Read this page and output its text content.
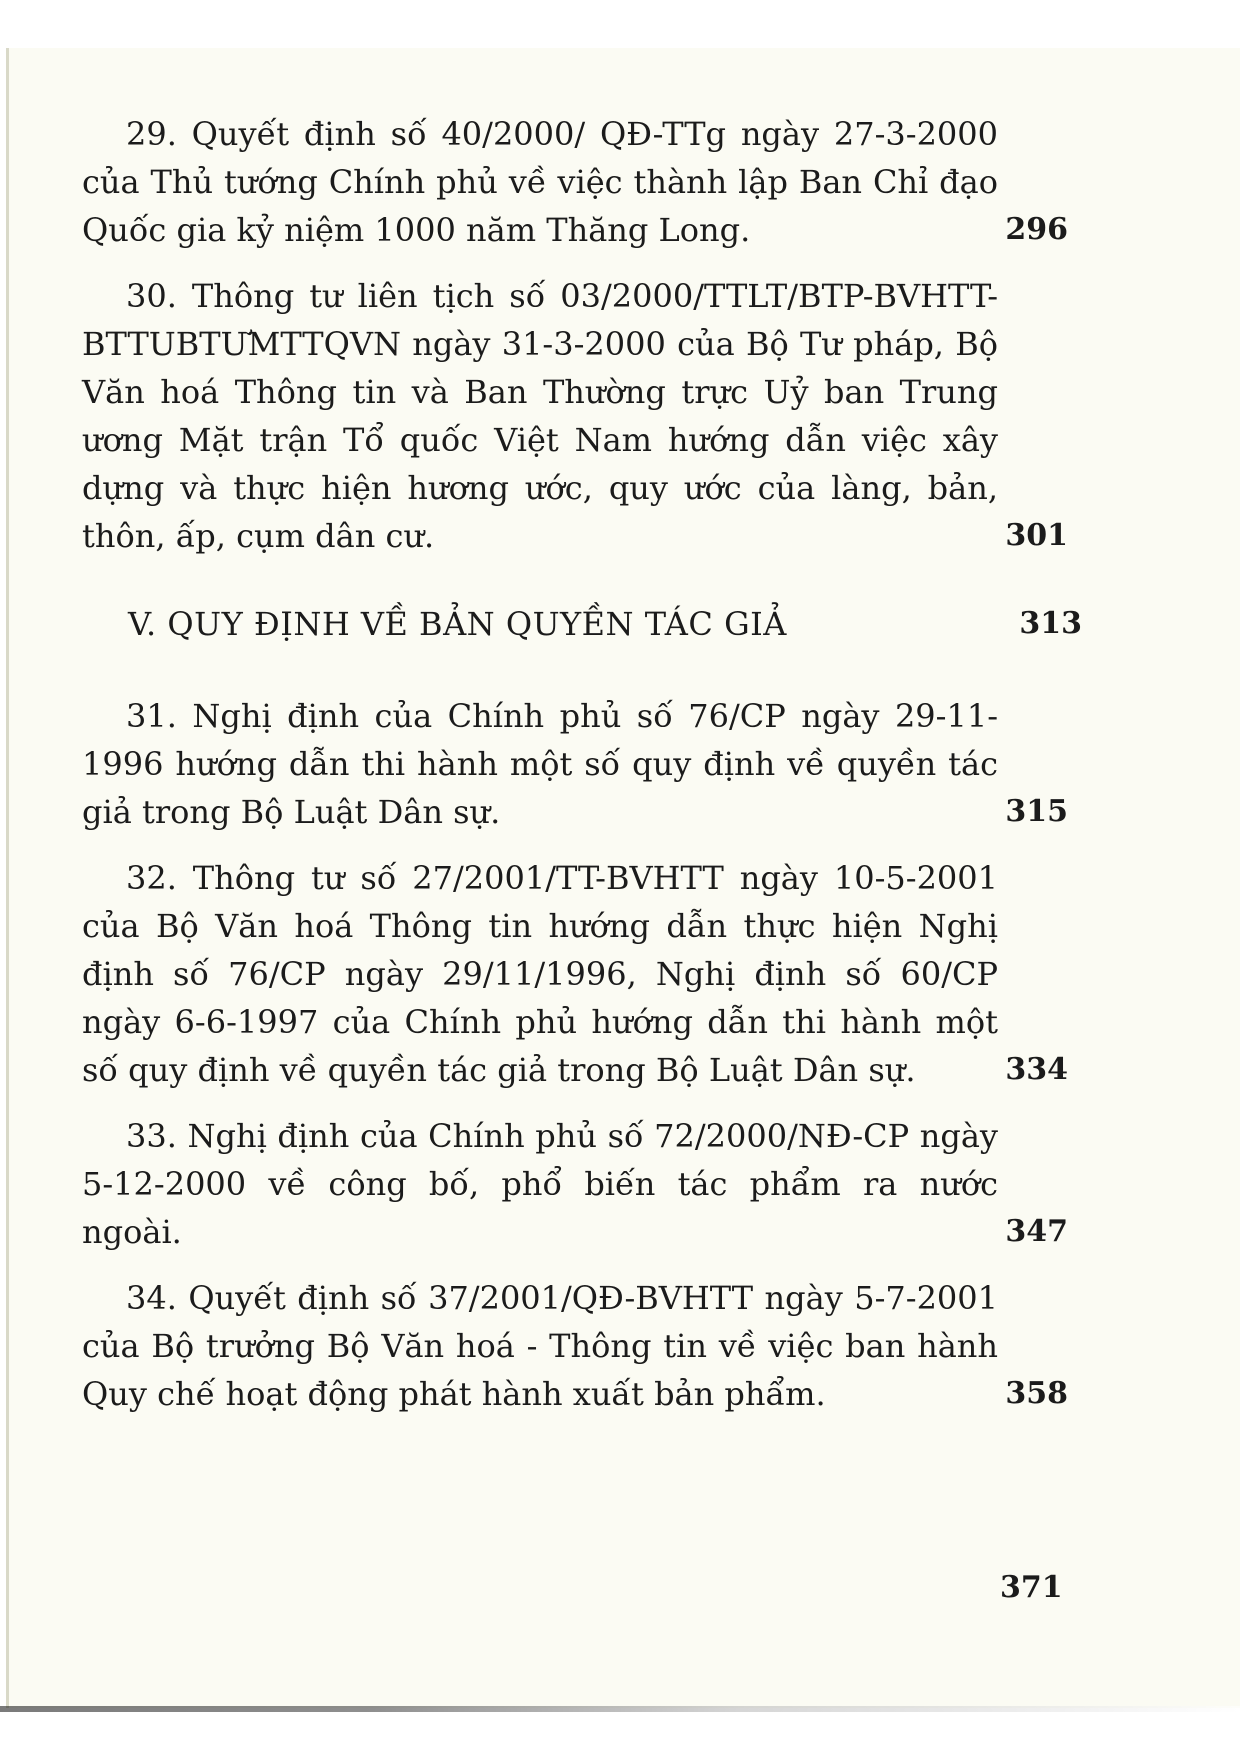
29. Quyết định số 40/2000/ QĐ-TTg ngày 27-3-2000 của Thủ tướng Chính phủ về việc thành lập Ban Chỉ đạo Quốc gia kỷ niệm 1000 năm Thăng Long.	296
30. Thông tư liên tịch số 03/2000/TTLT/BTP-BVHTT-BTTUBTƯMTTQVN ngày 31-3-2000 của Bộ Tư pháp, Bộ Văn hoá Thông tin và Ban Thường trực Uỷ ban Trung ương Mặt trận Tổ quốc Việt Nam hướng dẫn việc xây dựng và thực hiện hương ước, quy ước của làng, bản, thôn, ấp, cụm dân cư.	301
V. QUY ĐỊNH VỀ BẢN QUYỀN TÁC GIẢ	313
31. Nghị định của Chính phủ số 76/CP ngày 29-11-1996 hướng dẫn thi hành một số quy định về quyền tác giả trong Bộ Luật Dân sự.	315
32. Thông tư số 27/2001/TT-BVHTT ngày 10-5-2001 của Bộ Văn hoá Thông tin hướng dẫn thực hiện Nghị định số 76/CP ngày 29/11/1996, Nghị định số 60/CP ngày 6-6-1997 của Chính phủ hướng dẫn thi hành một số quy định về quyền tác giả trong Bộ Luật Dân sự.	334
33. Nghị định của Chính phủ số 72/2000/NĐ-CP ngày 5-12-2000 về công bố, phổ biến tác phẩm ra nước ngoài.	347
34. Quyết định số 37/2001/QĐ-BVHTT ngày 5-7-2001 của Bộ trưởng Bộ Văn hoá - Thông tin về việc ban hành Quy chế hoạt động phát hành xuất bản phẩm.	358
371
